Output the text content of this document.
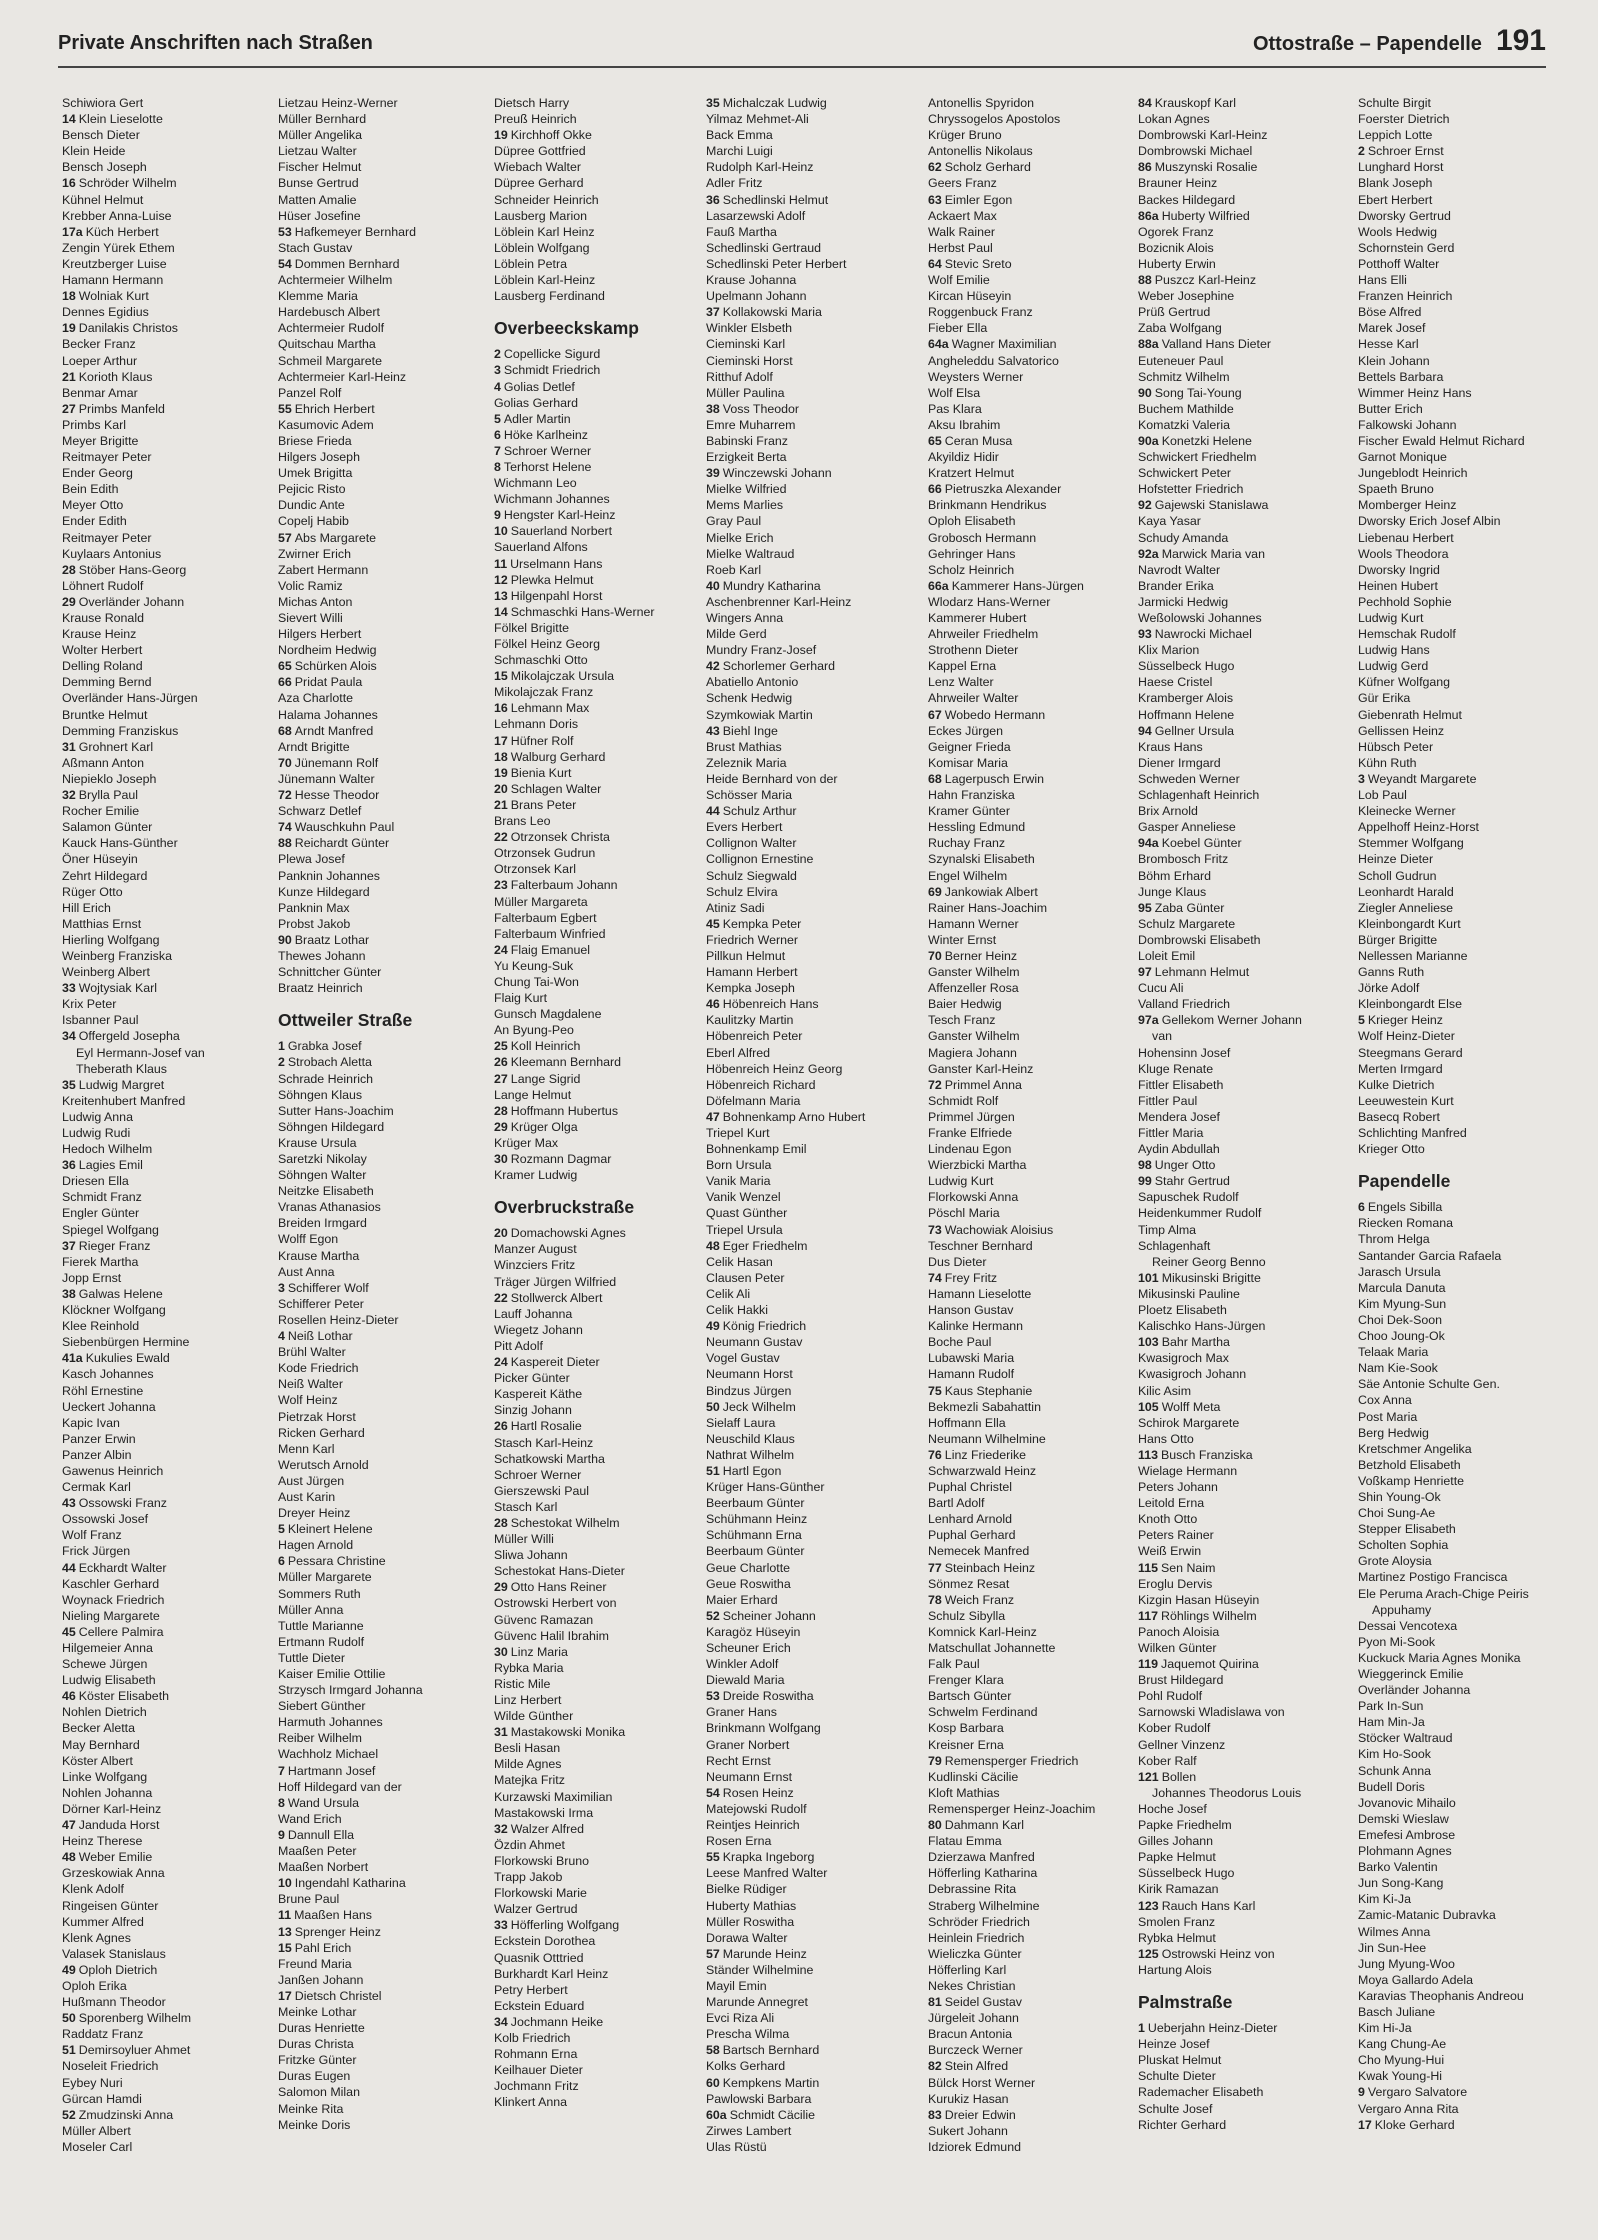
Private Anschriften nach Straßen	Ottostraße – Papendelle 191
Schiwiora Gert
14 Klein Lieselotte
Bensch Dieter
Klein Heide
Bensch Joseph
16 Schröder Wilhelm
Kühnel Helmut
Krebber Anna-Luise
17a Küch Herbert
Zengin Yürek Ethem
Kreutzberger Luise
Hamann Hermann
18 Wolniak Kurt
Dennes Egidius
19 Danilakis Christos
Becker Franz
Loeper Arthur
21 Korioth Klaus
Benmar Amar
27 Primbs Manfeld
Primbs Karl
Meyer Brigitte
Reitmayer Peter
Ender Georg
Bein Edith
Meyer Otto
Ender Edith
Reitmayer Peter
Kuylaars Antonius
28 Stöber Hans-Georg
Löhnert Rudolf
29 Overländer Johann
Krause Ronald
Krause Heinz
Wolter Herbert
Delling Roland
Demming Bernd
Overländer Hans-Jürgen
Bruntke Helmut
Demming Franziskus
31 Grohnert Karl
Aßmann Anton
Niepieklo Joseph
32 Brylla Paul
Rocher Emilie
Salamon Günter
Kauck Hans-Günther
Öner Hüseyin
Zehrt Hildegard
Rüger Otto
Hill Erich
Matthias Ernst
Hierling Wolfgang
Weinberg Franziska
Weinberg Albert
33 Wojtysiak Karl
Krix Peter
Isbanner Paul
34 Offergeld Josepha
Eyl Hermann-Josef van
Theberath Klaus
35 Ludwig Margret
Kreitenhubert Manfred
Ludwig Anna
Ludwig Rudi
Hedoch Wilhelm
36 Lagies Emil
Driesen Ella
Schmidt Franz
Engler Günter
Spiegel Wolfgang
37 Rieger Franz
Fierek Martha
Jopp Ernst
38 Galwas Helene
Klöckner Wolfgang
Klee Reinhold
Siebenbürgen Hermine
41a Kukulies Ewald
Kasch Johannes
Röhl Ernestine
Ueckert Johanna
Kapic Ivan
Panzer Erwin
Panzer Albin
Gawenus Heinrich
Cermak Karl
43 Ossowski Franz
Ossowski Josef
Wolf Franz
Frick Jürgen
44 Eckhardt Walter
Kaschler Gerhard
Woynack Friedrich
Nieling Margarete
45 Cellere Palmira
Hilgemeier Anna
Schewe Jürgen
Ludwig Elisabeth
46 Köster Elisabeth
Nohlen Dietrich
Becker Aletta
May Bernhard
Köster Albert
Linke Wolfgang
Nohlen Johanna
Dörner Karl-Heinz
47 Janduda Horst
Heinz Therese
48 Weber Emilie
Grzeskowiak Anna
Klenk Adolf
Ringeisen Günter
Kummer Alfred
Klenk Agnes
Valasek Stanislaus
49 Oploh Dietrich
Oploh Erika
Hußmann Theodor
50 Sporenberg Wilhelm
Raddatz Franz
51 Demirsoyluer Ahmet
Noseleit Friedrich
Eybey Nuri
Gürcan Hamdi
52 Zmudzinski Anna
Müller Albert
Moseler Carl
Lietzau Heinz-Werner
Müller Bernhard
Müller Angelika
Lietzau Walter
Fischer Helmut
Bunse Gertrud
Matten Amalie
Hüser Josefine
53 Hafkemeyer Bernhard
Stach Gustav
54 Dommen Bernhard
Achtermeier Wilhelm
Klemme Maria
Hardebusch Albert
Achtermeier Rudolf
Quitschau Martha
Schmeil Margarete
Achtermeier Karl-Heinz
Panzel Rolf
55 Ehrich Herbert
Kasumovic Adem
Briese Frieda
Hilgers Joseph
Umek Brigitta
Pejicic Risto
Dundic Ante
Copelj Habib
57 Abs Margarete
Zwirner Erich
Zabert Hermann
Volic Ramiz
Michas Anton
Sievert Willi
Hilgers Herbert
Nordheim Hedwig
65 Schürken Alois
66 Pridat Paula
Aza Charlotte
Halama Johannes
68 Arndt Manfred
Arndt Brigitte
70 Jünemann Rolf
Jünemann Walter
72 Hesse Theodor
Schwarz Detlef
74 Wauschkuhn Paul
88 Reichardt Günter
Plewa Josef
Panknin Johannes
Kunze Hildegard
Panknin Max
Probst Jakob
90 Braatz Lothar
Thewes Johann
Schnittcher Günter
Braatz Heinrich
Ottweiler Straße
1 Grabka Josef
2 Strobach Aletta
Schrade Heinrich
Söhngen Klaus
Sutter Hans-Joachim
Söhngen Hildegard
Krause Ursula
Saretzki Nikolay
Söhngen Walter
Neitzke Elisabeth
Vranas Athanasios
Breiden Irmgard
Wolff Egon
Krause Martha
Aust Anna
3 Schifferer Wolf
Schifferer Peter
Rosellen Heinz-Dieter
4 Neiß Lothar
Brühl Walter
Kode Friedrich
Neiß Walter
Wolf Heinz
Pietrzak Horst
Ricken Gerhard
Menn Karl
Werutsch Arnold
Aust Jürgen
Aust Karin
Dreyer Heinz
5 Kleinert Helene
Hagen Arnold
6 Pessara Christine
Müller Margarete
Sommers Ruth
Müller Anna
Tuttle Marianne
Ertmann Rudolf
Tuttle Dieter
Kaiser Emilie Ottilie
Strzysch Irmgard Johanna
Siebert Günther
Harmuth Johannes
Reiber Wilhelm
Wachholz Michael
7 Hartmann Josef
Hoff Hildegard van der
8 Wand Ursula
Wand Erich
9 Dannull Ella
Maaßen Peter
Maaßen Norbert
10 Ingendahl Katharina
Brune Paul
11 Maaßen Hans
13 Sprenger Heinz
15 Pahl Erich
Freund Maria
Janßen Johann
17 Dietsch Christel
Meinke Lothar
Duras Henriette
Duras Christa
Fritzke Günter
Duras Eugen
Salomon Milan
Meinke Rita
Meinke Doris
Dietsch Harry
Preuß Heinrich
19 Kirchhoff Okke
Düpree Gottfried
Wiebach Walter
Düpree Gerhard
Schneider Heinrich
Lausberg Marion
Löblein Karl Heinz
Löblein Wolfgang
Löblein Petra
Löblein Karl-Heinz
Lausberg Ferdinand
Overbeeckskamp
2 Copellicke Sigurd
3 Schmidt Friedrich
4 Golias Detlef
Golias Gerhard
5 Adler Martin
6 Höke Karlheinz
7 Schroer Werner
8 Terhorst Helene
Wichmann Leo
Wichmann Johannes
9 Hengster Karl-Heinz
10 Sauerland Norbert
Sauerland Alfons
11 Urselmann Hans
12 Plewka Helmut
13 Hilgenpahl Horst
14 Schmaschki Hans-Werner
Fölkel Brigitte
Fölkel Heinz Georg
Schmaschki Otto
15 Mikolajczak Ursula
Mikolajczak Franz
16 Lehmann Max
Lehmann Doris
17 Hüfner Rolf
18 Walburg Gerhard
19 Bienia Kurt
20 Schlagen Walter
21 Brans Peter
Brans Leo
22 Otrzonsek Christa
Otrzonsek Gudrun
Otrzonsek Karl
23 Falterbaum Johann
Müller Margareta
Falterbaum Egbert
Falterbaum Winfried
24 Flaig Emanuel
Yu Keung-Suk
Chung Tai-Won
Flaig Kurt
Gunsch Magdalene
An Byung-Peo
25 Koll Heinrich
26 Kleemann Bernhard
27 Lange Sigrid
Lange Helmut
28 Hoffmann Hubertus
29 Krüger Olga
Krüger Max
30 Rozmann Dagmar
Kramer Ludwig
Overbruckstraße
20 Domachowski Agnes
Manzer August
Winzciers Fritz
Träger Jürgen Wilfried
22 Stollwerck Albert
Lauff Johanna
Wiegetz Johann
Pitt Adolf
24 Kaspereit Dieter
Picker Günter
Kaspereit Käthe
Sinzig Johann
26 Hartl Rosalie
Stasch Karl-Heinz
Schatkowski Martha
Schroer Werner
Gierszewski Paul
Stasch Karl
28 Schestokat Wilhelm
Müller Willi
Sliwa Johann
Schestokat Hans-Dieter
29 Otto Hans Reiner
Ostrowski Herbert von
Güvenc Ramazan
Güvenc Halil Ibrahim
30 Linz Maria
Rybka Maria
Ristic Mile
Linz Herbert
Wilde Günther
31 Mastakowski Monika
Besli Hasan
Milde Agnes
Matejka Fritz
Kurzawski Maximilian
Mastakowski Irma
32 Walzer Alfred
Özdin Ahmet
Florkowski Bruno
Trapp Jakob
Florkowski Marie
Walzer Gertrud
33 Höfferling Wolfgang
Eckstein Dorothea
Quasnik Otttried
Burkhardt Karl Heinz
Petry Herbert
Eckstein Eduard
34 Jochmann Heike
Kolb Friedrich
Rohmann Erna
Keilhauer Dieter
Jochmann Fritz
Klinkert Anna
35 Michalczak Ludwig
Yilmaz Mehmet-Ali
Back Emma
Marchi Luigi
Rudolph Karl-Heinz
Adler Fritz
36 Schedlinski Helmut
Lasarzewski Adolf
Fauß Martha
Schedlinski Gertraud
Schedlinski Peter Herbert
Krause Johanna
Upelmann Johann
37 Kollakowski Maria
Winkler Elsbeth
Cieminski Karl
Cieminski Horst
Ritthuf Adolf
Müller Paulina
38 Voss Theodor
Emre Muharrem
Babinski Franz
Erzigkeit Berta
39 Winczewski Johann
Mielke Wilfried
Mems Marlies
Gray Paul
Mielke Erich
Mielke Waltraud
Roeb Karl
40 Mundry Katharina
Aschenbrenner Karl-Heinz
Wingers Anna
Milde Gerd
Mundry Franz-Josef
42 Schorlemer Gerhard
Abatiello Antonio
Schenk Hedwig
Szymkowiak Martin
43 Biehl Inge
Brust Mathias
Zeleznik Maria
Heide Bernhard von der
Schösser Maria
44 Schulz Arthur
Evers Herbert
Collignon Walter
Collignon Ernestine
Schulz Siegwald
Schulz Elvira
Atiniz Sadi
45 Kempka Peter
Friedrich Werner
Pillkun Helmut
Hamann Herbert
Kempka Joseph
46 Höbenreich Hans
Kaulitzky Martin
Höbenreich Peter
Eberl Alfred
Höbenreich Heinz Georg
Höbenreich Richard
Döfelmann Maria
47 Bohnenkamp Arno Hubert
Triepel Kurt
Bohnenkamp Emil
Born Ursula
Vanik Maria
Vanik Wenzel
Quast Günther
Triepel Ursula
48 Eger Friedhelm
Celik Hasan
Clausen Peter
Celik Ali
Celik Hakki
49 König Friedrich
Neumann Gustav
Vogel Gustav
Neumann Horst
Bindzus Jürgen
50 Jeck Wilhelm
Sielaff Laura
Neuschild Klaus
Nathrat Wilhelm
51 Hartl Egon
Krüger Hans-Günther
Beerbaum Günter
Schühmann Heinz
Schühmann Erna
Beerbaum Günter
Geue Charlotte
Geue Roswitha
Maier Erhard
52 Scheiner Johann
Karagöz Hüseyin
Scheuner Erich
Winkler Adolf
Diewald Maria
53 Dreide Roswitha
Graner Hans
Brinkmann Wolfgang
Graner Norbert
Recht Ernst
Neumann Ernst
54 Rosen Heinz
Matejowski Rudolf
Reintjes Heinrich
Rosen Erna
55 Krapka Ingeborg
Leese Manfred Walter
Bielke Rüdiger
Huberty Mathias
Müller Roswitha
Dorawa Walter
57 Marunde Heinz
Ständer Wilhelmine
Mayil Emin
Marunde Annegret
Evci Riza Ali
Prescha Wilma
58 Bartsch Bernhard
Kolks Gerhard
60 Kempkens Martin
Pawlowski Barbara
60a Schmidt Cäcilie
Zirwes Lambert
Ulas Rüstü
Antonellis Spyridon
Chryssogelos Apostolos
Krüger Bruno
Antonellis Nikolaus
62 Scholz Gerhard
Geers Franz
63 Eimler Egon
Ackaert Max
Walk Rainer
Herbst Paul
64 Stevic Sreto
Wolf Emilie
Kircan Hüseyin
Roggenbuck Franz
Fieber Ella
64a Wagner Maximilian
Angheleddu Salvatorico
Weysters Werner
Wolf Elsa
Pas Klara
Aksu Ibrahim
65 Ceran Musa
Akyildiz Hidir
Kratzert Helmut
66 Pietruszka Alexander
Brinkmann Hendrikus
Oploh Elisabeth
Grobosch Hermann
Gehringer Hans
Scholz Heinrich
66a Kammerer Hans-Jürgen
Wlodarz Hans-Werner
Kammerer Hubert
Ahrweiler Friedhelm
Strothenn Dieter
Kappel Erna
Lenz Walter
Ahrweiler Walter
67 Wobedo Hermann
Eckes Jürgen
Geigner Frieda
Komisar Maria
68 Lagerpusch Erwin
Hahn Franziska
Kramer Günter
Hessling Edmund
Ruchay Franz
Szynalski Elisabeth
Engel Wilhelm
69 Jankowiak Albert
Rainer Hans-Joachim
Hamann Werner
Winter Ernst
70 Berner Heinz
Ganster Wilhelm
Affenzeller Rosa
Baier Hedwig
Tesch Franz
Ganster Wilhelm
Magiera Johann
Ganster Karl-Heinz
72 Primmel Anna
Schmidt Rolf
Primmel Jürgen
Franke Elfriede
Lindenau Egon
Wierzbicki Martha
Ludwig Kurt
Florkowski Anna
Pöschl Maria
73 Wachowiak Aloisius
Teschner Bernhard
Dus Dieter
74 Frey Fritz
Hamann Lieselotte
Hanson Gustav
Kalinke Hermann
Boche Paul
Lubawski Maria
Hamann Rudolf
75 Kaus Stephanie
Bekmezli Sabahattin
Hoffmann Ella
Neumann Wilhelmine
76 Linz Friederike
Schwarzwald Heinz
Puphal Christel
Bartl Adolf
Lenhard Arnold
Puphal Gerhard
Nemecek Manfred
77 Steinbach Heinz
Sönmez Resat
78 Weich Franz
Schulz Sibylla
Komnick Karl-Heinz
Matschullat Johannette
Falk Paul
Frenger Klara
Bartsch Günter
Schwelm Ferdinand
Kosp Barbara
Kreisner Erna
79 Remensperger Friedrich
Kudlinski Cäcilie
Kloft Mathias
Remensperger Heinz-Joachim
80 Dahmann Karl
Flatau Emma
Dzierzawa Manfred
Höfferling Katharina
Debrassine Rita
Straberg Wilhelmine
Schröder Friedrich
Heinlein Friedrich
Wieliczka Günter
Höfferling Karl
Nekes Christian
81 Seidel Gustav
Jürgeleit Johann
Bracun Antonia
Burczeck Werner
82 Stein Alfred
Bülck Horst Werner
Kurukiz Hasan
83 Dreier Edwin
Sukert Johann
Idziorek Edmund
84 Krauskopf Karl
Lokan Agnes
Dombrowski Karl-Heinz
Dombrowski Michael
86 Muszynski Rosalie
Brauner Heinz
Backes Hildegard
86a Huberty Wilfried
Ogorek Franz
Bozicnik Alois
Huberty Erwin
88 Puszcz Karl-Heinz
Weber Josephine
Prüß Gertrud
Zaba Wolfgang
88a Valland Hans Dieter
Euteneuer Paul
Schmitz Wilhelm
90 Song Tai-Young
Buchem Mathilde
Komatzki Valeria
90a Konetzki Helene
Schwickert Friedhelm
Schwickert Peter
Hofstetter Friedrich
92 Gajewski Stanislawa
Kaya Yasar
Schudy Amanda
92a Marwick Maria van
Navrodt Walter
Brander Erika
Jarmicki Hedwig
Weßolowski Johannes
93 Nawrocki Michael
Klix Marion
Süsselbeck Hugo
Haese Cristel
Kramberger Alois
Hoffmann Helene
94 Gellner Ursula
Kraus Hans
Diener Irmgard
Schweden Werner
Schlagenhaft Heinrich
Brix Arnold
Gasper Anneliese
94a Koebel Günter
Brombosch Fritz
Böhm Erhard
Junge Klaus
95 Zaba Günter
Schulz Margarete
Dombrowski Elisabeth
Loleit Emil
97 Lehmann Helmut
Cucu Ali
Valland Friedrich
97a Gellekom Werner Johann
van
Hohensinn Josef
Kluge Renate
Fittler Elisabeth
Fittler Paul
Mendera Josef
Fittler Maria
Aydin Abdullah
98 Unger Otto
99 Stahr Gertrud
Sapuschek Rudolf
Heidenkummer Rudolf
Timp Alma
Schlagenhaft
Reiner Georg Benno
101 Mikusinski Brigitte
Mikusinski Pauline
Ploetz Elisabeth
Kalischko Hans-Jürgen
103 Bahr Martha
Kwasigroch Max
Kwasigroch Johann
Kilic Asim
105 Wolff Meta
Schirok Margarete
Hans Otto
113 Busch Franziska
Wielage Hermann
Peters Johann
Leitold Erna
Knoth Otto
Peters Rainer
Weiß Erwin
115 Sen Naim
Eroglu Dervis
Kizgin Hasan Hüseyin
117 Röhlings Wilhelm
Panoch Aloisia
Wilken Günter
119 Jaquemot Quirina
Brust Hildegard
Pohl Rudolf
Sarnowski Wladislawa von
Kober Rudolf
Gellner Vinzenz
Kober Ralf
121 Bollen
Johannes Theodorus Louis
Hoche Josef
Papke Friedhelm
Gilles Johann
Papke Helmut
Süsselbeck Hugo
Kirik Ramazan
123 Rauch Hans Karl
Smolen Franz
Rybka Helmut
125 Ostrowski Heinz von
Hartung Alois
Palmstraße
1 Ueberjahn Heinz-Dieter
Heinze Josef
Pluskat Helmut
Schulte Dieter
Rademacher Elisabeth
Schulte Josef
Richter Gerhard
Schulte Birgit
Foerster Dietrich
Leppich Lotte
2 Schroer Ernst
Lunghard Horst
Blank Joseph
Ebert Herbert
Dworsky Gertrud
Wools Hedwig
Schornstein Gerd
Potthoff Walter
Hans Elli
Franzen Heinrich
Böse Alfred
Marek Josef
Hesse Karl
Klein Johann
Bettels Barbara
Wimmer Heinz Hans
Butter Erich
Falkowski Johann
Fischer Ewald Helmut Richard
Garnot Monique
Jungeblodt Heinrich
Spaeth Bruno
Momberger Heinz
Dworsky Erich Josef Albin
Liebenau Herbert
Wools Theodora
Dworsky Ingrid
Heinen Hubert
Pechhold Sophie
Ludwig Kurt
Hemschak Rudolf
Ludwig Hans
Ludwig Gerd
Küfner Wolfgang
Gür Erika
Giebenrath Helmut
Gellissen Heinz
Hübsch Peter
Kühn Ruth
3 Weyandt Margarete
Lob Paul
Kleinecke Werner
Appelhoff Heinz-Horst
Stemmer Wolfgang
Heinze Dieter
Scholl Gudrun
Leonhardt Harald
Ziegler Anneliese
Kleinbongardt Kurt
Bürger Brigitte
Nellessen Marianne
Ganns Ruth
Jörke Adolf
Kleinbongardt Else
5 Krieger Heinz
Wolf Heinz-Dieter
Steegmans Gerard
Merten Irmgard
Kulke Dietrich
Leeuwestein Kurt
Basecq Robert
Schlichting Manfred
Krieger Otto
Papendelle
6 Engels Sibilla
Riecken Romana
Throm Helga
Santander Garcia Rafaela
Jarasch Ursula
Marcula Danuta
Kim Myung-Sun
Choi Dek-Soon
Choo Joung-Ok
Telaak Maria
Nam Kie-Sook
Säe Antonie Schulte Gen.
Cox Anna
Post Maria
Berg Hedwig
Kretschmer Angelika
Betzhold Elisabeth
Voßkamp Henriette
Shin Young-Ok
Choi Sung-Ae
Stepper Elisabeth
Scholten Sophia
Grote Aloysia
Martinez Postigo Francisca
Ele Peruma Arach-Chige Peiris
Appuhamy
Dessai Vencotexa
Pyon Mi-Sook
Kuckuck Maria Agnes Monika
Wieggerinck Emilie
Overländer Johanna
Park In-Sun
Ham Min-Ja
Stöcker Waltraud
Kim Ho-Sook
Schunk Anna
Budell Doris
Jovanovic Mihailo
Demski Wieslaw
Emefesi Ambrose
Plohmann Agnes
Barko Valentin
Jun Song-Kang
Kim Ki-Ja
Zamic-Matanic Dubravka
Wilmes Anna
Jin Sun-Hee
Jung Myung-Woo
Moya Gallardo Adela
Karavias Theophanis Andreou
Basch Juliane
Kim Hi-Ja
Kang Chung-Ae
Cho Myung-Hui
Kwak Young-Hi
9 Vergaro Salvatore
Vergaro Anna Rita
17 Kloke Gerhard
